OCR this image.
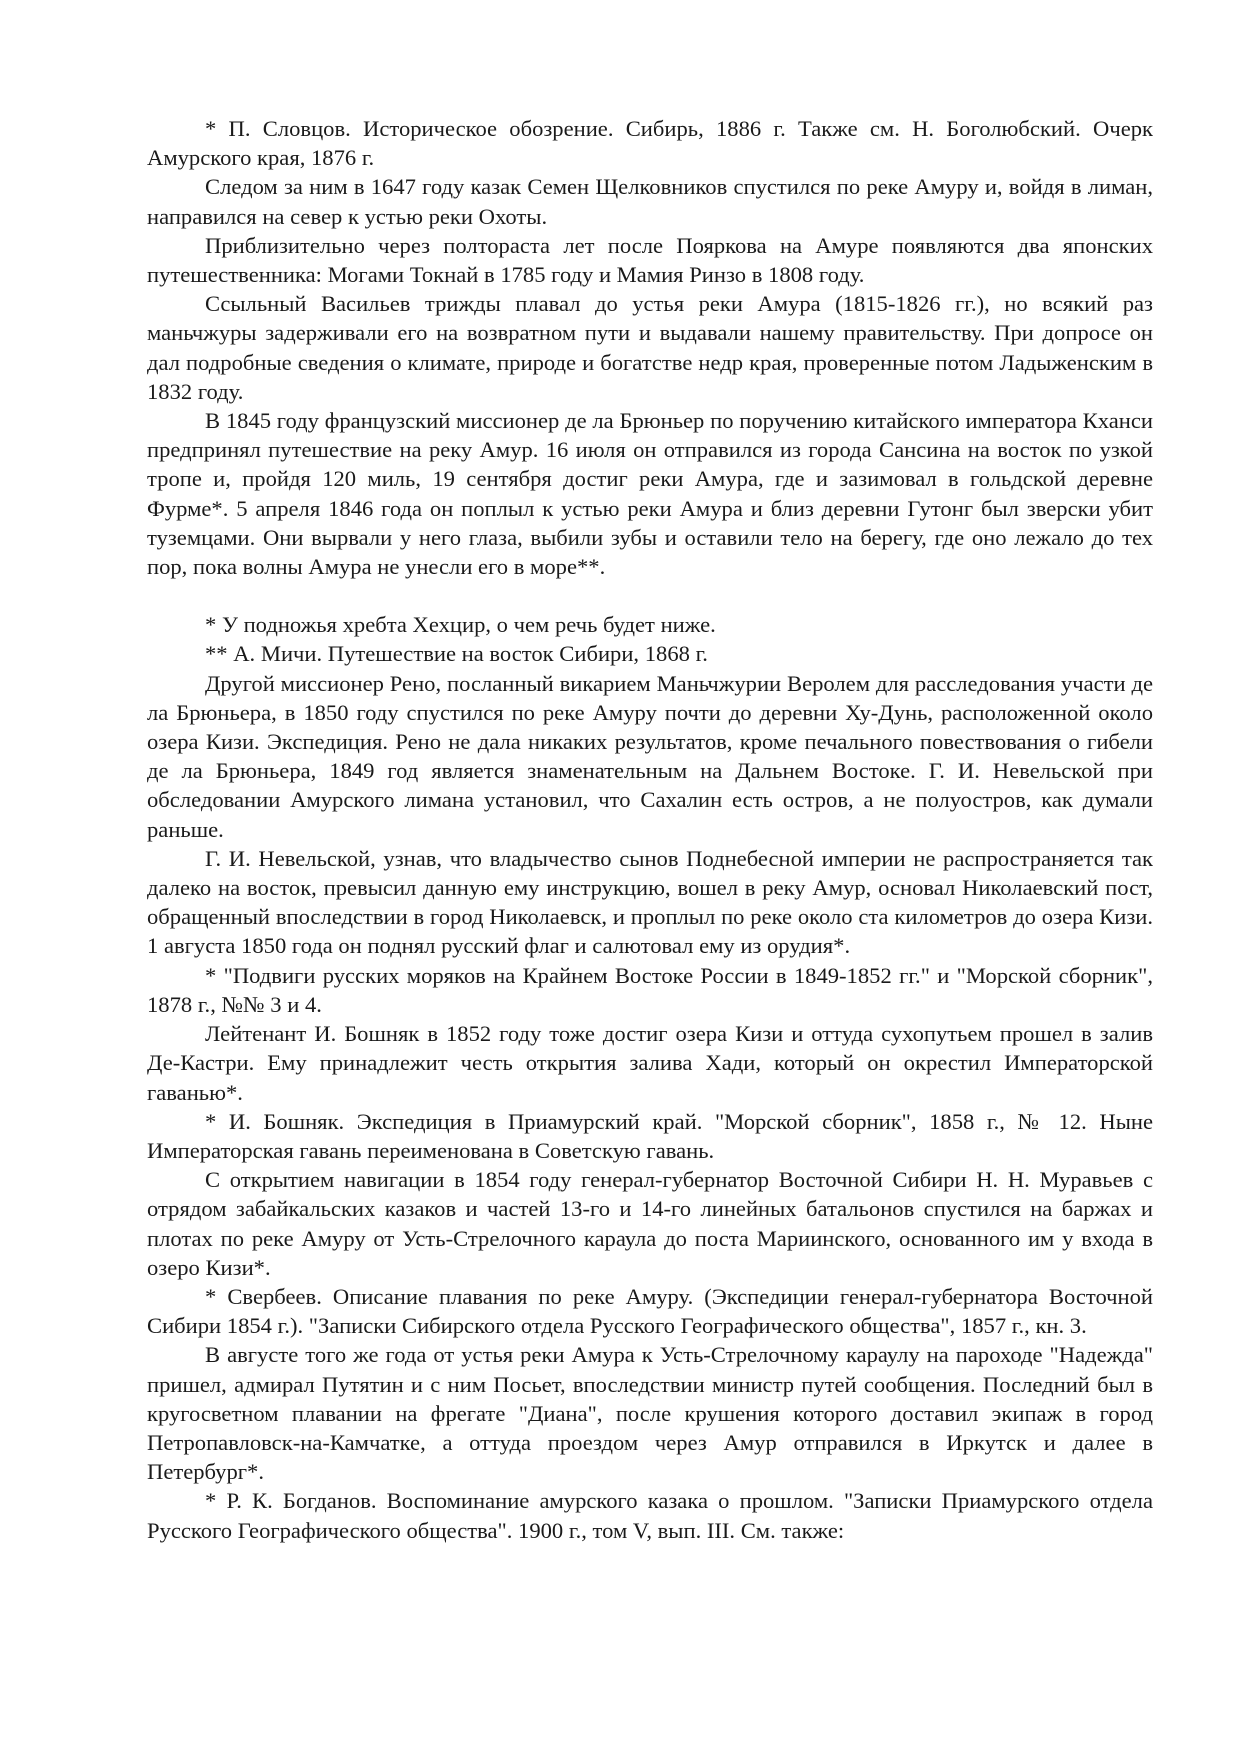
* П. Словцов. Историческое обозрение. Сибирь, 1886 г. Также см. Н. Боголюбский. Очерк Амурского края, 1876 г.

Следом за ним в 1647 году казак Семен Щелковников спустился по реке Амуру и, войдя в лиман, направился на север к устью реки Охоты.

Приблизительно через полтораста лет после Пояркова на Амуре появляются два японских путешественника: Могами Токнай в 1785 году и Мамия Ринзо в 1808 году.

Ссыльный Васильев трижды плавал до устья реки Амура (1815-1826 гг.), но всякий раз маньчжуры задерживали его на возвратном пути и выдавали нашему правительству. При допросе он дал подробные сведения о климате, природе и богатстве недр края, проверенные потом Ладыженским в 1832 году.

В 1845 году французский миссионер де ла Брюньер по поручению китайского императора Кханси предпринял путешествие на реку Амур. 16 июля он отправился из города Сансина на восток по узкой тропе и, пройдя 120 миль, 19 сентября достиг реки Амура, где и зазимовал в гольдской деревне Фурме*. 5 апреля 1846 года он поплыл к устью реки Амура и близ деревни Гутонг был зверски убит туземцами. Они вырвали у него глаза, выбили зубы и оставили тело на берегу, где оно лежало до тех пор, пока волны Амура не унесли его в море**.

* У подножья хребта Хехцир, о чем речь будет ниже.

** А. Мичи. Путешествие на восток Сибири, 1868 г.

Другой миссионер Рено, посланный викарием Маньчжурии Веролем для расследования участи де ла Брюньера, в 1850 году спустился по реке Амуру почти до деревни Ху-Дунь, расположенной около озера Кизи. Экспедиция. Рено не дала никаких результатов, кроме печального повествования о гибели де ла Брюньера, 1849 год является знаменательным на Дальнем Востоке. Г. И. Невельской при обследовании Амурского лимана установил, что Сахалин есть остров, а не полуостров, как думали раньше.

Г. И. Невельской, узнав, что владычество сынов Поднебесной империи не распространяется так далеко на восток, превысил данную ему инструкцию, вошел в реку Амур, основал Николаевский пост, обращенный впоследствии в город Николаевск, и проплыл по реке около ста километров до озера Кизи. 1 августа 1850 года он поднял русский флаг и салютовал ему из орудия*.

* "Подвиги русских моряков на Крайнем Востоке России в 1849-1852 гг." и "Морской сборник", 1878 г., №№ 3 и 4.

Лейтенант И. Бошняк в 1852 году тоже достиг озера Кизи и оттуда сухопутьем прошел в залив Де-Кастри. Ему принадлежит честь открытия залива Хади, который он окрестил Императорской гаванью*.

* И. Бошняк. Экспедиция в Приамурский край. "Морской сборник", 1858 г., № 12. Ныне Императорская гавань переименована в Советскую гавань.

С открытием навигации в 1854 году генерал-губернатор Восточной Сибири Н. Н. Муравьев с отрядом забайкальских казаков и частей 13-го и 14-го линейных батальонов спустился на баржах и плотах по реке Амуру от Усть-Стрелочного караула до поста Мариинского, основанного им у входа в озеро Кизи*.

* Свербеев. Описание плавания по реке Амуру. (Экспедиции генерал-губернатора Восточной Сибири 1854 г.). "Записки Сибирского отдела Русского Географического общества", 1857 г., кн. 3.

В августе того же года от устья реки Амура к Усть-Стрелочному караулу на пароходе "Надежда" пришел, адмирал Путятин и с ним Посьет, впоследствии министр путей сообщения. Последний был в кругосветном плавании на фрегате "Диана", после крушения которого доставил экипаж в город Петропавловск-на-Камчатке, а оттуда проездом через Амур отправился в Иркутск и далее в Петербург*.

* Р. К. Богданов. Воспоминание амурского казака о прошлом. "Записки Приамурского отдела Русского Географического общества". 1900 г., том V, вып. III. См. также:
